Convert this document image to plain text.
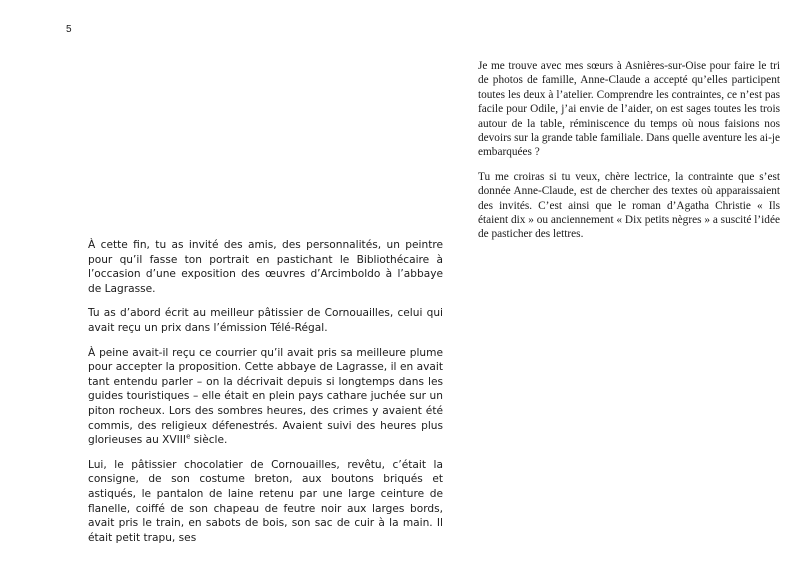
5

À cette fin, tu as invité des amis, des personnalités, un peintre pour qu’il fasse ton portrait en pastichant le Bibliothécaire à l’occasion d’une exposition des œuvres d’Arcimboldo à l’abbaye de Lagrasse.

Tu as d’abord écrit au meilleur pâtissier de Cornouailles, celui qui avait reçu un prix dans l’émission Télé-Régal.

À peine avait-il reçu ce courrier qu’il avait pris sa meilleure plume pour accepter la proposition. Cette abbaye de Lagrasse, il en avait tant entendu parler – on la décrivait depuis si longtemps dans les guides touristiques – elle était en plein pays cathare juchée sur un piton rocheux. Lors des sombres heures, des crimes y avaient été commis, des religieux défenestrés. Avaient suivi des heures plus glorieuses au XVIIIe siècle.

Lui, le pâtissier chocolatier de Cornouailles, revêtu, c’était la consigne, de son costume breton, aux boutons briqués et astiqués, le pantalon de laine retenu par une large ceinture de flanelle, coiffé de son chapeau de feutre noir aux larges bords, avait pris le train, en sabots de bois, son sac de cuir à la main. Il était petit trapu, ses

Je me trouve avec mes sœurs à Asnières-sur-Oise pour faire le tri de photos de famille, Anne-Claude a accepté qu’elles participent toutes les deux à l’atelier. Comprendre les contraintes, ce n’est pas facile pour Odile, j’ai envie de l’aider, on est sages toutes les trois autour de la table, réminiscence du temps où nous faisions nos devoirs sur la grande table familiale. Dans quelle aventure les ai-je embarquées ?

Tu me croiras si tu veux, chère lectrice, la contrainte que s’est donnée Anne-Claude, est de chercher des textes où apparaissaient des invités. C’est ainsi que le roman d’Agatha Christie « Ils étaient dix » ou anciennement « Dix petits nègres » a suscité l’idée de pasticher des lettres.
